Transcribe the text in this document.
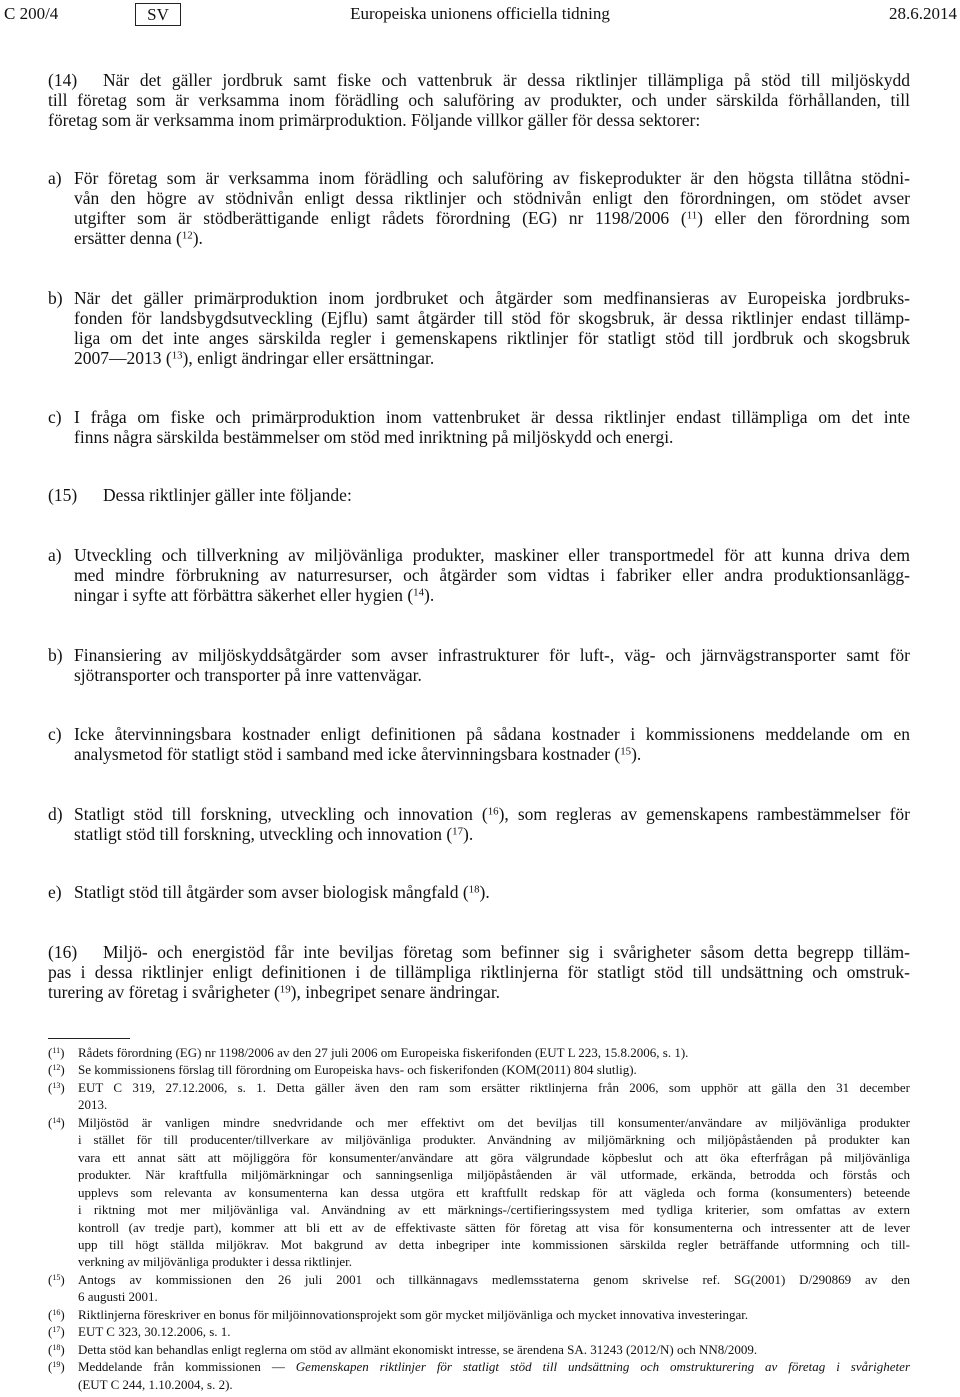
C 200/4	SV	Europeiska unionens officiella tidning	28.6.2014
(14)	När det gäller jordbruk samt fiske och vattenbruk är dessa riktlinjer tillämpliga på stöd till miljöskydd
till företag som är verksamma inom förädling och saluföring av produkter, och under särskilda förhållanden, till
företag som är verksamma inom primärproduktion. Följande villkor gäller för dessa sektorer:
a) För företag som är verksamma inom förädling och saluföring av fiskeprodukter är den högsta tillåtna stödni-
vån den högre av stödnivån enligt dessa riktlinjer och stödnivån enligt den förordningen, om stödet avser
utgifter som är stödberättigande enligt rådets förordning (EG) nr 1198/2006 ($^{11}$) eller den förordning som
ersätter denna ($^{12}$).
b) När det gäller primärproduktion inom jordbruket och åtgärder som medfinansieras av Europeiska jordbruks-
fonden för landsbygdsutveckling (Ejflu) samt åtgärder till stöd för skogsbruk, är dessa riktlinjer endast tillämp-
liga om det inte anges särskilda regler i gemenskapens riktlinjer för statligt stöd till jordbruk och skogsbruk
2007—2013 ($^{13}$), enligt ändringar eller ersättningar.
c) I fråga om fiske och primärproduktion inom vattenbruket är dessa riktlinjer endast tillämpliga om det inte
finns några särskilda bestämmelser om stöd med inriktning på miljöskydd och energi.
(15)	Dessa riktlinjer gäller inte följande:
a) Utveckling och tillverkning av miljövänliga produkter, maskiner eller transportmedel för att kunna driva dem
med mindre förbrukning av naturresurser, och åtgärder som vidtas i fabriker eller andra produktionsanlägg-
ningar i syfte att förbättra säkerhet eller hygien ($^{14}$).
b) Finansiering av miljöskyddsåtgärder som avser infrastrukturer för luft-, väg- och järnvägstransporter samt för
sjötransporter och transporter på inre vattenvägar.
c) Icke återvinningsbara kostnader enligt definitionen på sådana kostnader i kommissionens meddelande om en
analysmetod för statligt stöd i samband med icke återvinningsbara kostnader ($^{15}$).
d) Statligt stöd till forskning, utveckling och innovation ($^{16}$), som regleras av gemenskapens rambestämmelser för
statligt stöd till forskning, utveckling och innovation ($^{17}$).
e) Statligt stöd till åtgärder som avser biologisk mångfald ($^{18}$).
(16)	Miljö- och energistöd får inte beviljas företag som befinner sig i svårigheter såsom detta begrepp tilläm-
pas i dessa riktlinjer enligt definitionen i de tillämpliga riktlinjerna för statligt stöd till undsättning och omstruk-
turering av företag i svårigheter ($^{19}$), inbegripet senare ändringar.
($^{11}$) Rådets förordning (EG) nr 1198/2006 av den 27 juli 2006 om Europeiska fiskerifonden (EUT L 223, 15.8.2006, s. 1).
($^{12}$) Se kommissionens förslag till förordning om Europeiska havs- och fiskerifonden (KOM(2011) 804 slutlig).
($^{13}$) EUT C 319, 27.12.2006, s. 1. Detta gäller även den ram som ersätter riktlinjerna från 2006, som upphör att gälla den 31 december
2013.
($^{14}$) Miljöstöd är vanligen mindre snedvridande och mer effektivt om det beviljas till konsumenter/användare av miljövänliga produkter
i stället för till producenter/tillverkare av miljövänliga produkter. Användning av miljömärkning och miljöpåståenden på produkter kan
vara ett annat sätt att möjliggöra för konsumenter/användare att göra välgrundade köpbeslut och att öka efterfrågan på miljövänliga
produkter. När kraftfulla miljömärkningar och sanningsenliga miljöpåståenden är väl utformade, erkända, betrodda och förstås och
upplevs som relevanta av konsumenterna kan dessa utgöra ett kraftfullt redskap för att vägleda och forma (konsumenters) beteende
i riktning mot mer miljövänliga val. Användning av ett märknings-/certifieringssystem med tydliga kriterier, som omfattas av extern
kontroll (av tredje part), kommer att bli ett av de effektivaste sätten för företag att visa för konsumenterna och intressenter att de lever
upp till högt ställda miljökrav. Mot bakgrund av detta inbegriper inte kommissionen särskilda regler beträffande utformning och till-
verkning av miljövänliga produkter i dessa riktlinjer.
($^{15}$) Antogs av kommissionen den 26 juli 2001 och tillkännagavs medlemsstaterna genom skrivelse ref. SG(2001) D/290869 av den
6 augusti 2001.
($^{16}$) Riktlinjerna föreskriver en bonus för miljöinnovationsprojekt som gör mycket miljövänliga och mycket innovativa investeringar.
($^{17}$) EUT C 323, 30.12.2006, s. 1.
($^{18}$) Detta stöd kan behandlas enligt reglerna om stöd av allmänt ekonomiskt intresse, se ärendena SA. 31243 (2012/N) och NN8/2009.
($^{19}$) Meddelande från kommissionen — Gemenskapen riktlinjer för statligt stöd till undsättning och omstrukturering av företag i svårigheter
(EUT C 244, 1.10.2004, s. 2).
